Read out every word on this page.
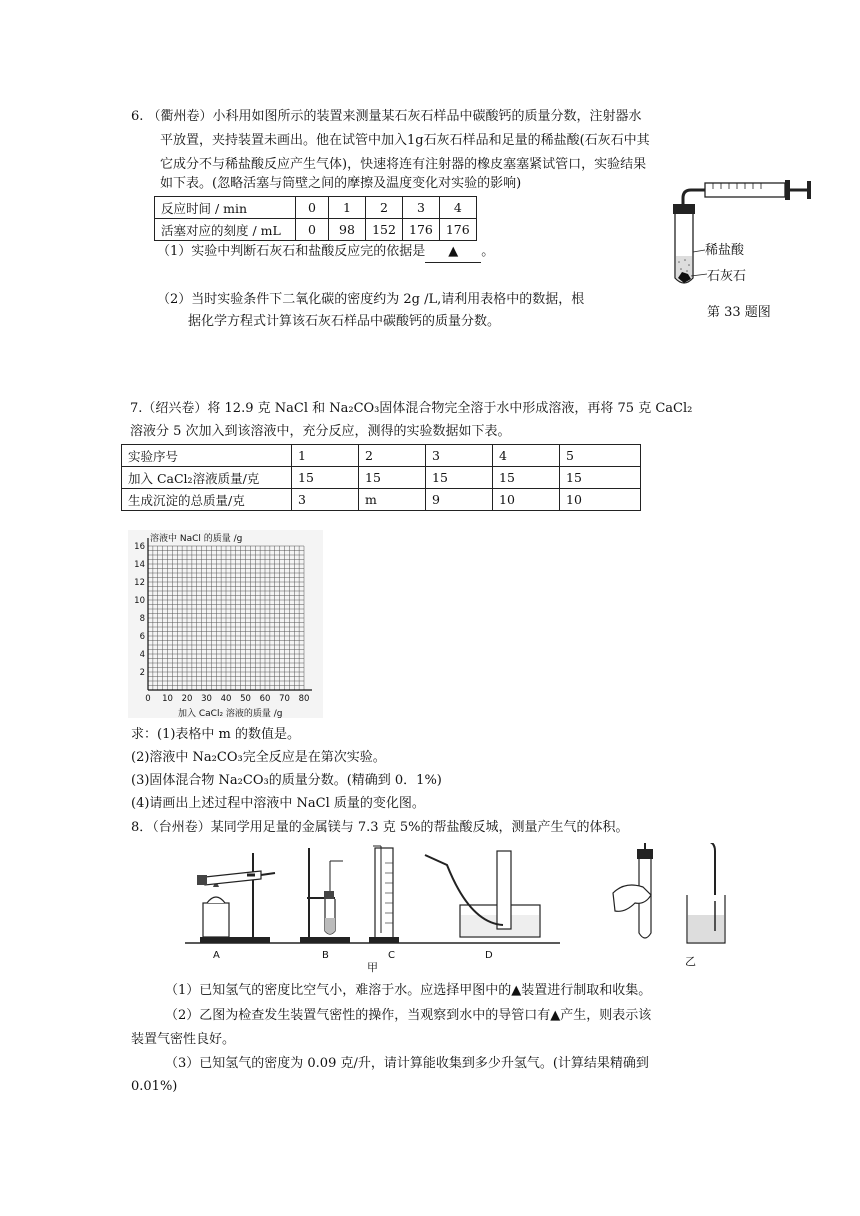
6. （衢州卷）小科用如图所示的装置来测量某石灰石样品中碳酸钙的质量分数，注射器水
平放置，夹持装置未画出。他在试管中加入1g石灰石样品和足量的稀盐酸(石灰石中其
它成分不与稀盐酸反应产生气体)，快速将连有注射器的橡皮塞塞紧试管口，实验结果
如下表。(忽略活塞与筒壁之间的摩擦及温度变化对实验的影响)
反应时间 / min	0	1	2	3	4
活塞对应的刻度 / mL	0	98	152	176	176
（1）实验中判断石灰石和盐酸反应完的依据是 ▲ 。
（2）当时实验条件下二氧化碳的密度约为 2g /L,请利用表格中的数据，根
据化学方程式计算该石灰石样品中碳酸钙的质量分数。
稀盐酸
石灰石
第 33 题图
7.（绍兴卷）将 12.9 克 NaCl 和 Na₂CO₃固体混合物完全溶于水中形成溶液，再将 75 克 CaCl₂
溶液分 5 次加入到该溶液中，充分反应，测得的实验数据如下表。
实验序号	1	2	3	4	5
加入 CaCl₂溶液质量/克	15	15	15	15	15
生成沉淀的总质量/克	3	m	9	10	10
溶液中 NaCl 的质量 /g
加入 CaCl₂ 溶液的质量 /g
16
14
12
10
8
6
4
2
0 10 20 30 40 50 60 70 80
求：(1)表格中 m 的数值是。
(2)溶液中 Na₂CO₃完全反应是在第次实验。
(3)固体混合物 Na₂CO₃的质量分数。(精确到 0．1%)
(4)请画出上述过程中溶液中 NaCl 质量的变化图。
8．（台州卷）某同学用足量的金属镁与 7.3 克 5%的帮盐酸反城，测量产生气的体积。
A	B	C	D
甲	乙
（1）已知氢气的密度比空气小，难溶于水。应选择甲图中的▲装置进行制取和收集。
（2）乙图为检查发生装置气密性的操作，当观察到水中的导管口有▲产生，则表示该
装置气密性良好。
（3）已知氢气的密度为 0.09 克/升，请计算能收集到多少升氢气。(计算结果精确到
0.01%)
